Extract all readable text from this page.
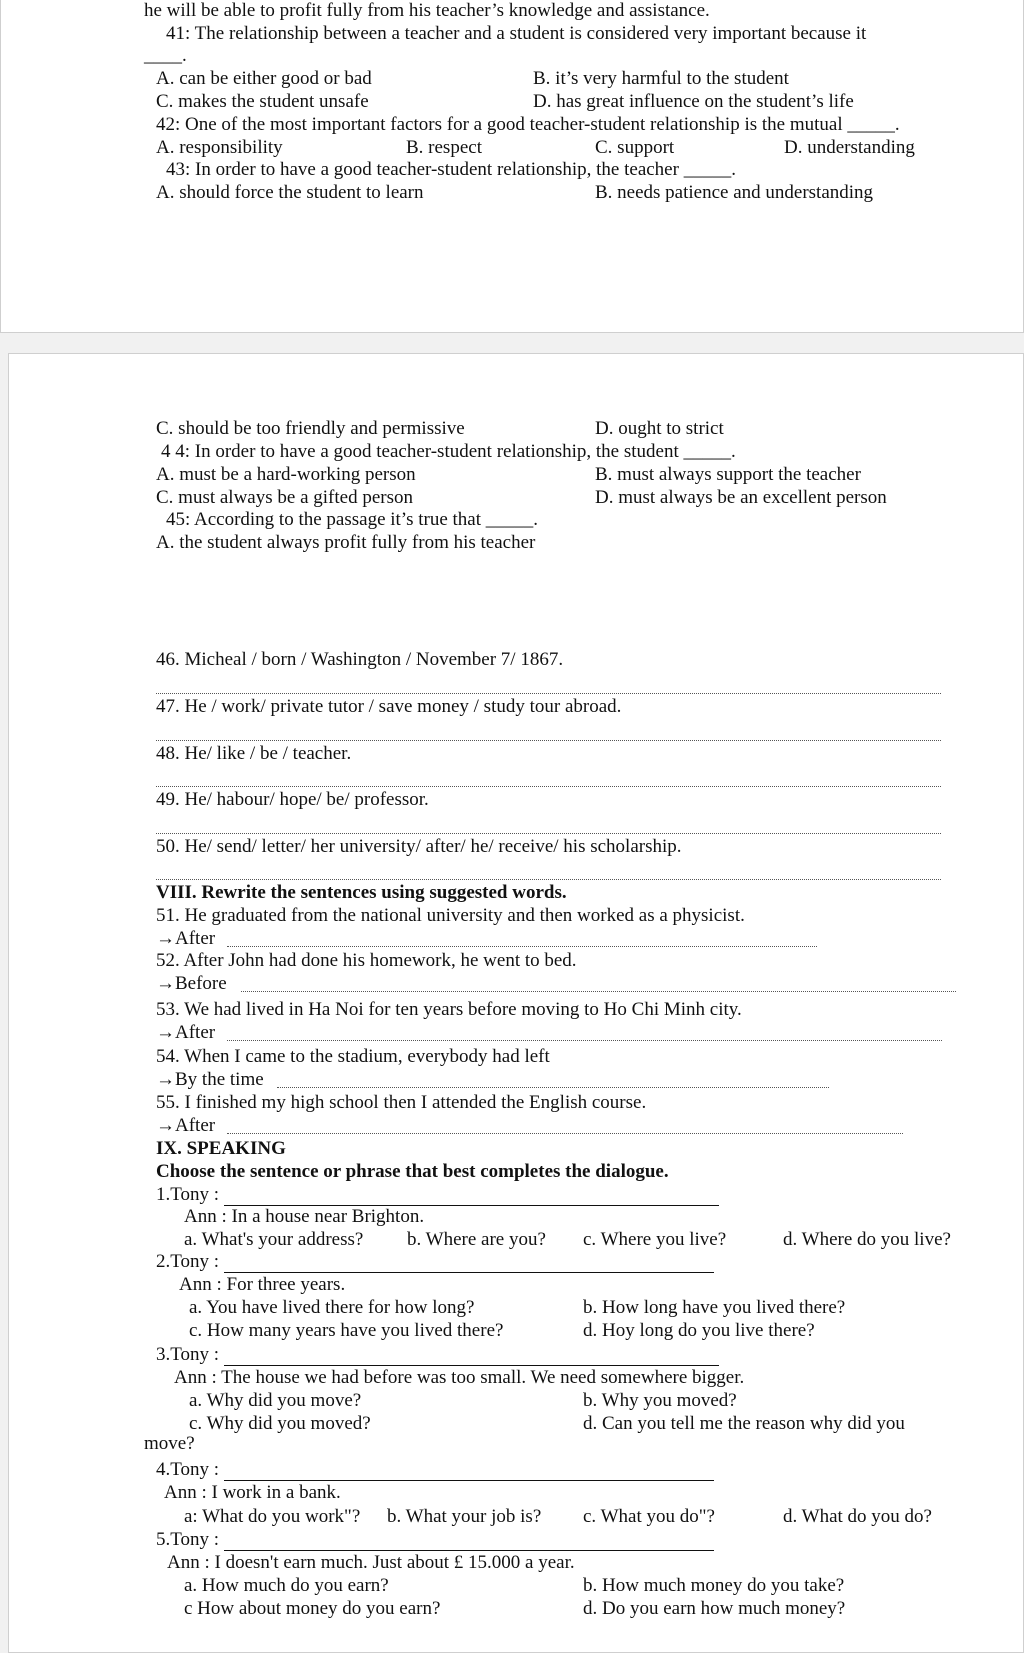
he will be able to profit fully from his teacher’s knowledge and assistance.
41: The relationship between a teacher and a student is considered very important because it
____.
A. can be either good or bad	B. it’s very harmful to the student
C. makes the student unsafe	D. has great influence on the student’s life
42: One of the most important factors for a good teacher-student relationship is the mutual _____.
A. responsibility	B. respect	C. support	D. understanding
43: In order to have a good teacher-student relationship, the teacher _____.
A. should force the student to learn	B. needs patience and understanding
C. should be too friendly and permissive	D. ought to strict
4 4: In order to have a good teacher-student relationship, the student _____.
A. must be a hard-working person	B. must always support the teacher
C. must always be a gifted person	D. must always be an excellent person
45: According to the passage it’s true that _____.
A. the student always profit fully from his teacher
46. Micheal / born / Washington / November 7/ 1867.
47. He / work/ private tutor / save money / study tour abroad.
48. He/ like / be / teacher.
49. He/ habour/ hope/ be/ professor.
50. He/ send/ letter/ her university/ after/ he/ receive/ his scholarship.
VIII. Rewrite the sentences using suggested words.
51. He graduated from the national university and then worked as a physicist.
→After
52. After John had done his homework, he went to bed.
→Before
53. We had lived in Ha Noi for ten years before moving to Ho Chi Minh city.
→After
54. When I came to the stadium, everybody had left
→By the time
55. I finished my high school then I attended the English course.
→After
IX. SPEAKING
Choose the sentence or phrase that best completes the dialogue.
1.Tony :
Ann : In a house near Brighton.
a. What's your address? b. Where are you? c. Where you live?	d. Where do you live?
2.Tony :
Ann : For three years.
a. You have lived there for how long?	b. How long have you lived there?
c. How many years have you lived there?	d. Hoy long do you live there?
3.Tony :
Ann : The house we had before was too small. We need somewhere bigger.
a. Why did you move?	b. Why you moved?
c. Why did you moved?	d. Can you tell me the reason why did you
move?
4.Tony :
Ann : I work in a bank.
a: What do you work"? b. What your job is? c. What you do"?	d. What do you do?
5.Tony :
Ann : I doesn't earn much. Just about £ 15.000 a year.
a. How much do you earn?	b. How much money do you take?
c How about money do you earn?	d. Do you earn how much money?
